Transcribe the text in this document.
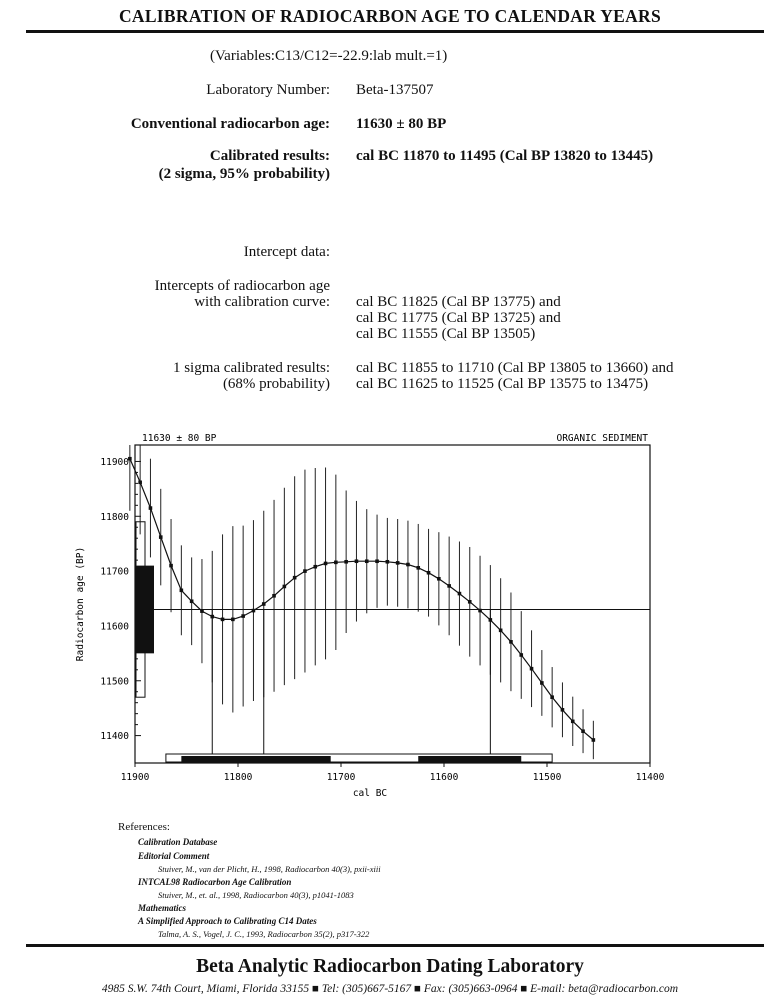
CALIBRATION OF RADIOCARBON AGE TO CALENDAR YEARS
(Variables:C13/C12=-22.9:lab mult.=1)
Laboratory Number: Beta-137507
Conventional radiocarbon age: 11630 ± 80 BP
Calibrated results:
(2 sigma, 95% probability)
cal BC 11870 to 11495 (Cal BP 13820 to 13445)
Intercept data:
Intercepts of radiocarbon age
with calibration curve: cal BC 11825 (Cal BP 13775) and
cal BC 11775 (Cal BP 13725) and
cal BC 11555 (Cal BP 13505)
1 sigma calibrated results:
(68% probability)
cal BC 11855 to 11710 (Cal BP 13805 to 13660) and
cal BC 11625 to 11525 (Cal BP 13575 to 13475)
11630 ± 80 BP	ORGANIC SEDIMENT
11900	11800	11700	11600	11500	11400
11900
11800
11700
11600
11500
11400
cal BC
Radiocarbon age (BP)
References:
Calibration Database
Editorial Comment
Stuiver, M., van der Plicht, H., 1998, Radiocarbon 40(3), pxii-xiii
INTCAL98 Radiocarbon Age Calibration
Stuiver, M., et. al., 1998, Radiocarbon 40(3), p1041-1083
Mathematics
A Simplified Approach to Calibrating C14 Dates
Talma, A. S., Vogel, J. C., 1993, Radiocarbon 35(2), p317-322
Beta Analytic Radiocarbon Dating Laboratory
4985 S.W. 74th Court, Miami, Florida 33155 ■ Tel: (305)667-5167 ■ Fax: (305)663-0964 ■ E-mail: beta@radiocarbon.com
